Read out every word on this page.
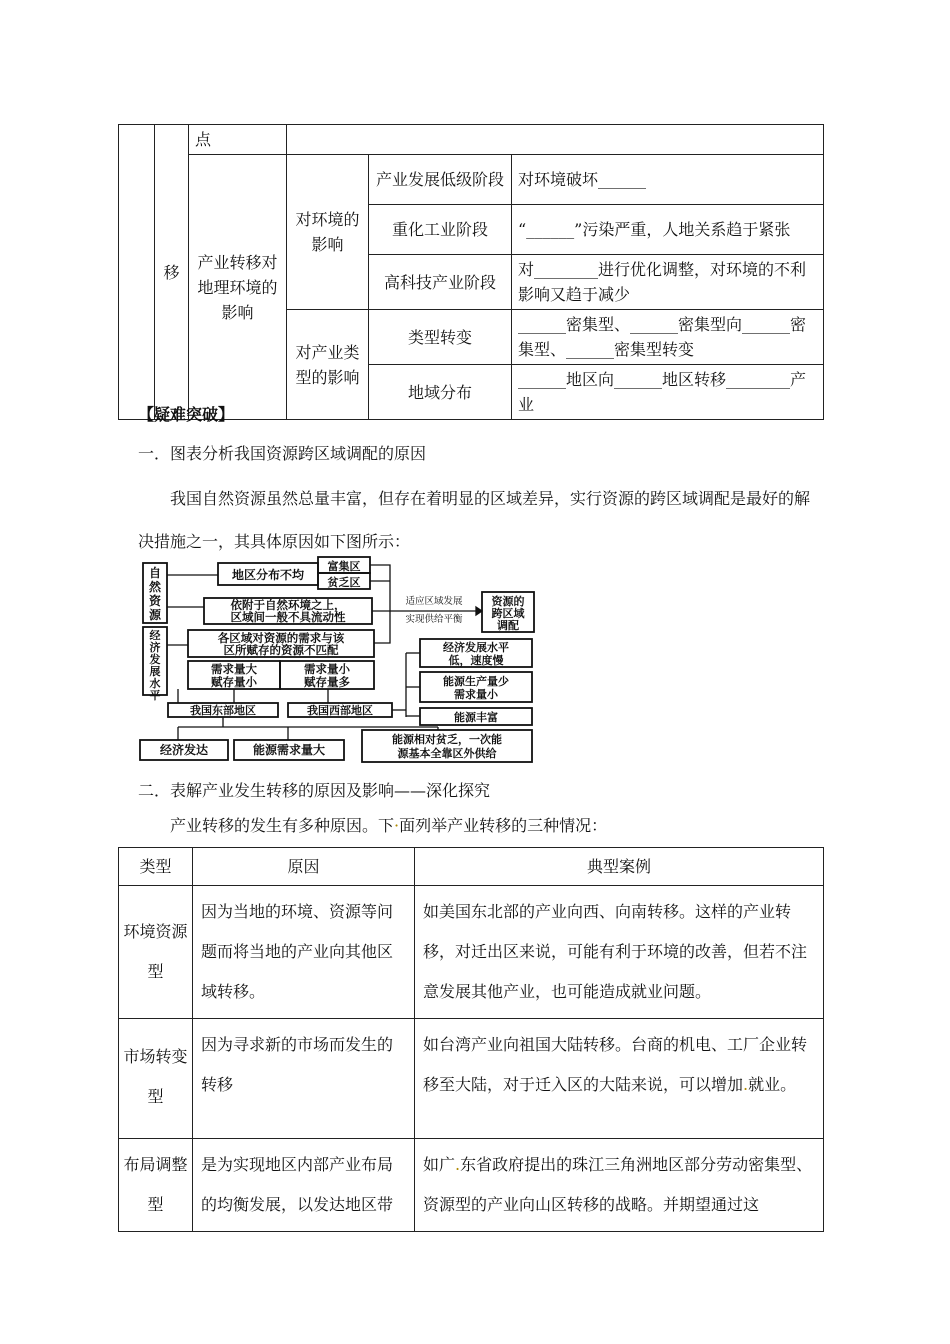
	移	点			
		产业转移对地理环境的影响	对环境的影响	产业发展低级阶段	对环境破坏______
				重化工业阶段	“______”污染严重，人地关系趋于紧张
				高科技产业阶段	对________进行优化调整，对环境的不利影响又趋于减少
			对产业类型的影响	类型转变	______密集型、______密集型向______密集型、______密集型转变
				地域分布	______地区向______地区转移________产业
【疑难突破】
一．图表分析我国资源跨区域调配的原因
我国自然资源虽然总量丰富，但存在着明显的区域差异，实行资源的跨区域调配是最好的解决措施之一，其具体原因如下图所示：
自然资源
经济发展水平
地区分布不均
富集区
贫乏区
依附于自然环境之上，
区域间一般不具流动性
适应区域发展
实现供给平衡
资源的
跨区域
调配
各区域对资源的需求与该
区所赋存的资源不匹配
需求量大
赋存量小
需求量小
赋存量多
我国东部地区	我国西部地区
经济发展水平
低，速度慢
能源生产量少
需求量小
能源丰富
经济发达	能源需求量大
能源相对贫乏，一次能
源基本全靠区外供给
二．表解产业发生转移的原因及影响——深化探究
产业转移的发生有多种原因。下·面列举产业转移的三种情况：
类型	原因	典型案例
环境资源型	因为当地的环境、资源等问题而将当地的产业向其他区域转移。	如美国东北部的产业向西、向南转移。这样的产业转移，对迁出区来说，可能有利于环境的改善，但若不注意发展其他产业，也可能造成就业问题。
市场转变型	因为寻求新的市场而发生的转移	如台湾产业向祖国大陆转移。台商的机电、工厂企业转移至大陆，对于迁入区的大陆来说，可以增加.就业。
布局调整型	是为实现地区内部产业布局的均衡发展，以发达地区带	如广.东省政府提出的珠江三角洲地区部分劳动密集型、资源型的产业向山区转移的战略。并期望通过这
